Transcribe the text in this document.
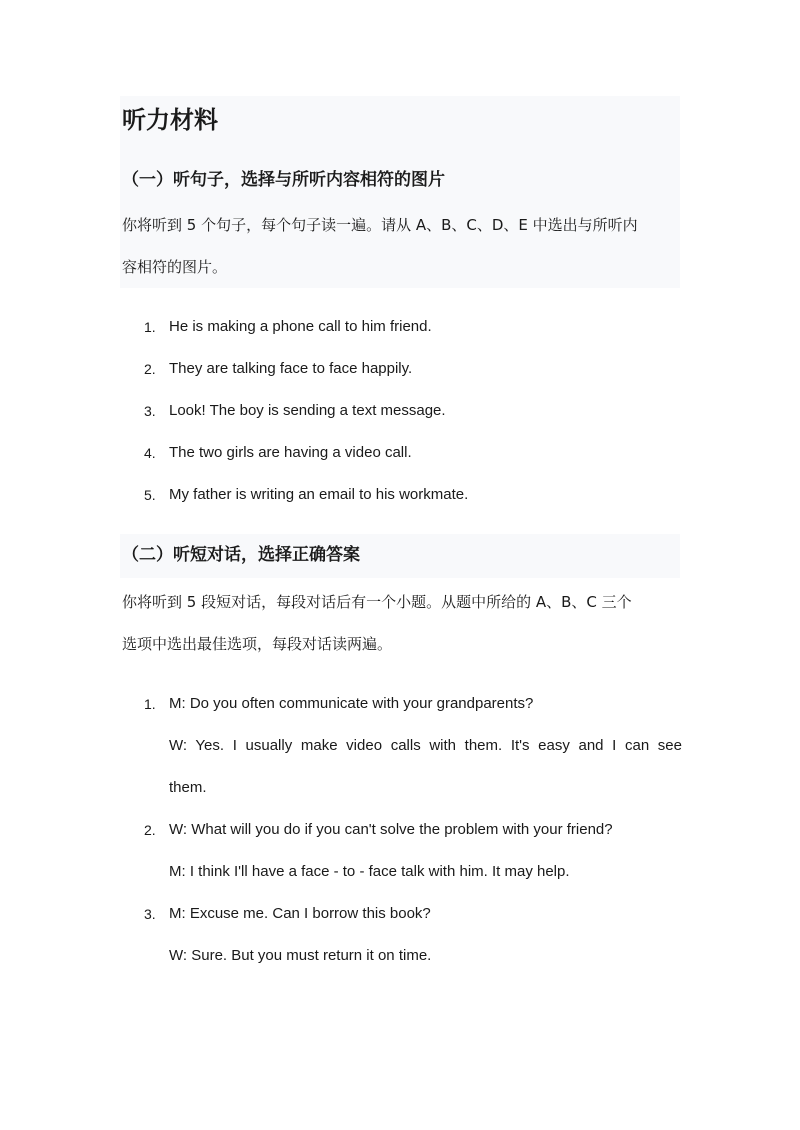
听力材料
（一）听句子，选择与所听内容相符的图片
你将听到 5 个句子，每个句子读一遍。请从 A、B、C、D、E 中选出与所听内
容相符的图片。
1. He is making a phone call to him friend.
2. They are talking face to face happily.
3. Look! The boy is sending a text message.
4. The two girls are having a video call.
5. My father is writing an email to his workmate.
（二）听短对话，选择正确答案
你将听到 5 段短对话，每段对话后有一个小题。从题中所给的 A、B、C 三个
选项中选出最佳选项，每段对话读两遍。
1. M: Do you often communicate with your grandparents?
W: Yes. I usually make video calls with them. It's easy and I can see
them.
2. W: What will you do if you can't solve the problem with your friend?
M: I think I'll have a face - to - face talk with him. It may help.
3. M: Excuse me. Can I borrow this book?
W: Sure. But you must return it on time.
